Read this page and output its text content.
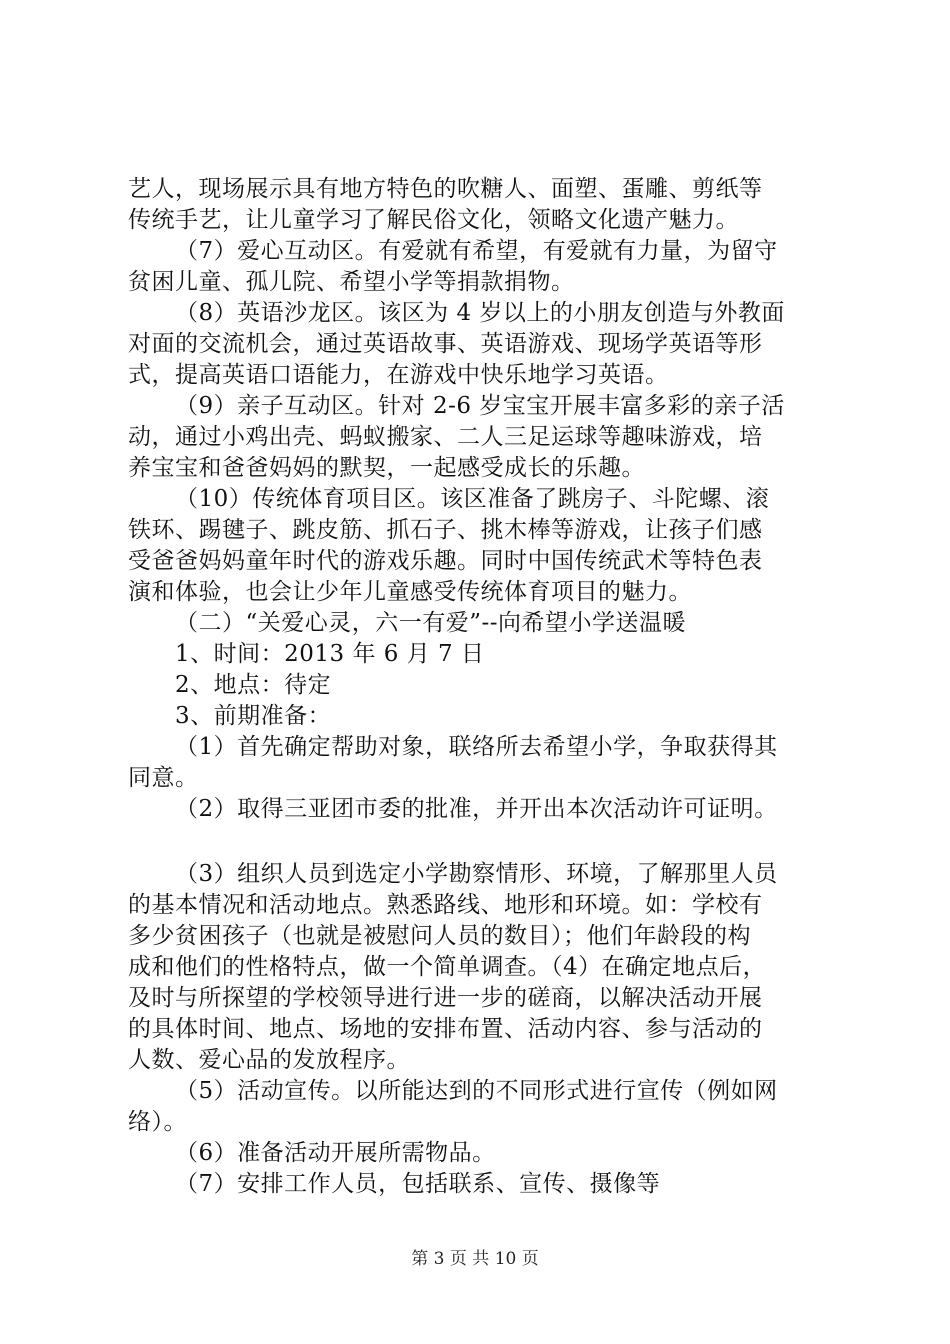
艺人，现场展示具有地方特色的吹糖人、面塑、蛋雕、剪纸等
传统手艺，让儿童学习了解民俗文化，领略文化遗产魅力。
（7）爱心互动区。有爱就有希望，有爱就有力量，为留守
贫困儿童、孤儿院、希望小学等捐款捐物。
（8）英语沙龙区。该区为 4 岁以上的小朋友创造与外教面
对面的交流机会，通过英语故事、英语游戏、现场学英语等形
式，提高英语口语能力，在游戏中快乐地学习英语。
（9）亲子互动区。针对 2-6 岁宝宝开展丰富多彩的亲子活
动，通过小鸡出壳、蚂蚁搬家、二人三足运球等趣味游戏，培
养宝宝和爸爸妈妈的默契，一起感受成长的乐趣。
（10）传统体育项目区。该区准备了跳房子、斗陀螺、滚
铁环、踢毽子、跳皮筋、抓石子、挑木棒等游戏，让孩子们感
受爸爸妈妈童年时代的游戏乐趣。同时中国传统武术等特色表
演和体验，也会让少年儿童感受传统体育项目的魅力。
（二）“关爱心灵，六一有爱”--向希望小学送温暖
1、时间：2013 年 6 月 7 日
2、地点：待定
3、前期准备：
（1）首先确定帮助对象，联络所去希望小学，争取获得其
同意。
（2）取得三亚团市委的批准，并开出本次活动许可证明。
（3）组织人员到选定小学勘察情形、环境，了解那里人员
的基本情况和活动地点。熟悉路线、地形和环境。如：学校有
多少贫困孩子（也就是被慰问人员的数目）；他们年龄段的构
成和他们的性格特点，做一个简单调查。（4）在确定地点后，
及时与所探望的学校领导进行进一步的磋商，以解决活动开展
的具体时间、地点、场地的安排布置、活动内容、参与活动的
人数、爱心品的发放程序。
（5）活动宣传。以所能达到的不同形式进行宣传（例如网
络）。
（6）准备活动开展所需物品。
（7）安排工作人员，包括联系、宣传、摄像等
第 3 页 共 10 页
